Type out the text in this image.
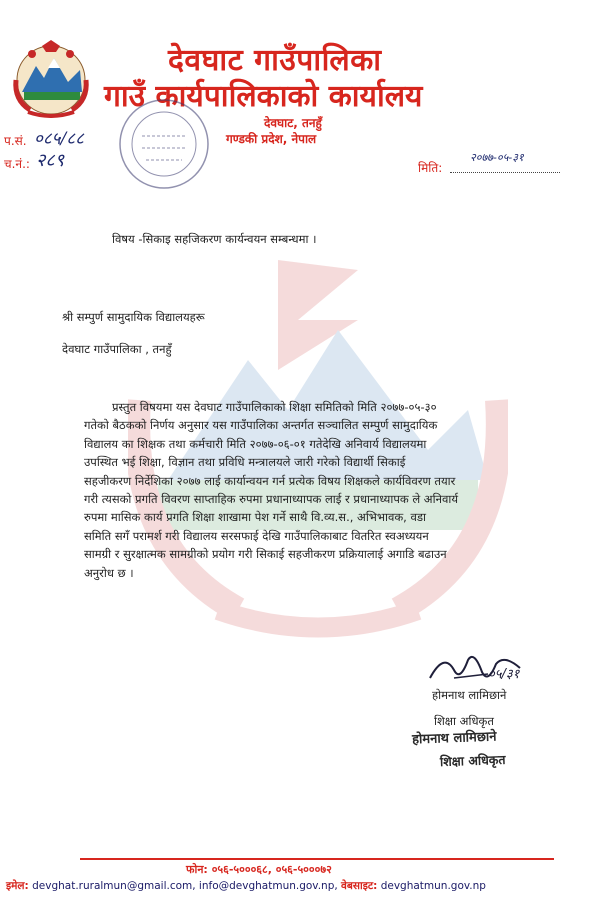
देवघाट गाउँपालिका
गाउँ कार्यपालिकाको कार्यालय
देवघाट, तनहुँ
गण्डकी प्रदेश, नेपाल
प.सं. ०८५/८८
च.नं.: २८९	मिति:
२०७७-०५-३१
विषय -सिकाइ सहजिकरण कार्यन्वयन सम्बन्धमा ।
श्री सम्पुर्ण सामुदायिक विद्यालयहरू
देवघाट गाउँपालिका , तनहुँ

प्रस्तुत विषयमा यस देवघाट गाउँपालिकाको शिक्षा समितिको मिति २०७७-०५-३०

गतेको बैठकको निर्णय अनुसार यस गाउँपालिका अन्तर्गत सञ्चालित सम्पुर्ण सामुदायिक

विद्यालय का शिक्षक तथा कर्मचारी मिति २०७७-०६-०१ गतेदेखि अनिवार्य विद्यालयमा

उपस्थित भई शिक्षा, विज्ञान तथा प्रविधि मन्त्रालयले जारी गरेको विद्यार्थी सिकाई

सहजीकरण निर्देशिका २०७७ लाई कार्यान्वयन गर्न प्रत्येक विषय शिक्षकले कार्यविवरण तयार

गरी त्यसको प्रगति विवरण साप्ताहिक रुपमा प्रधानाध्यापक लाई र प्रधानाध्यापक ले अनिवार्य

रुपमा मासिक कार्य प्रगति शिक्षा शाखामा पेश गर्ने साथै वि.व्य.स., अभिभावक, वडा

समिति सगँ परामर्श गरी विद्यालय सरसफाई देखि गाउँपालिकाबाट वितरित स्वअध्ययन

सामग्री र सुरक्षात्मक सामग्रीको प्रयोग गरी सिकाई सहजीकरण प्रक्रियालाई अगाडि बढाउन

अनुरोध छ ।

०५/३१
होमनाथ लामिछाने
शिक्षा अधिकृत
होमनाथ लामिछाने
शिक्षा अधिकृत
फोन: ०५६-५०००६८, ०५६-५०००७२
इमेल: devghat.ruralmun@gmail.com, info@devghatmun.gov.np, वेबसाइट: devghatmun.gov.np
